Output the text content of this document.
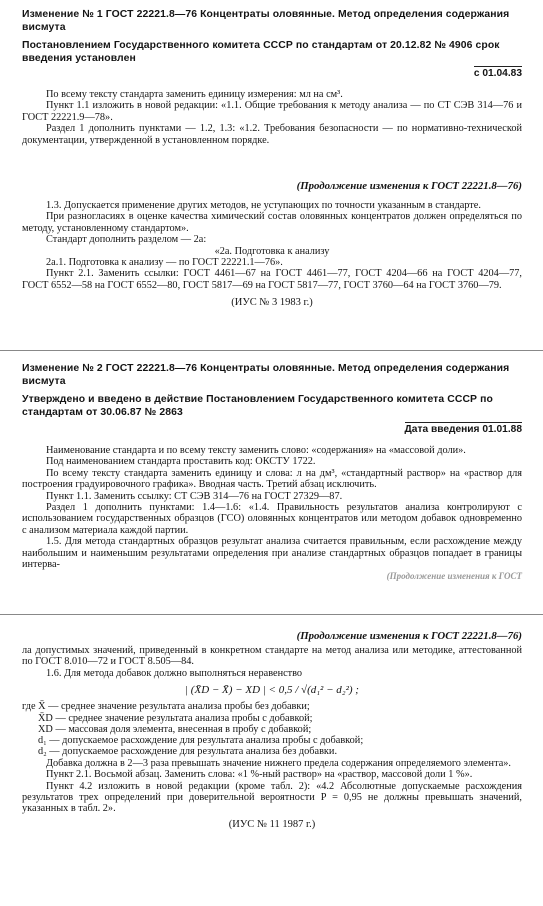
Изменение № 1 ГОСТ 22221.8—76 Концентраты оловянные. Метод определения содержания висмута

Постановлением Государственного комитета СССР по стандартам от 20.12.82 № 4906 срок введения установлен

с 01.04.83

По всему тексту стандарта заменить единицу измерения: мл на см³.

Пункт 1.1 изложить в новой редакции: «1.1. Общие требования к методу анализа — по СТ СЭВ 314—76 и ГОСТ 22221.9—78».

Раздел 1 дополнить пунктами — 1.2, 1.3: «1.2. Требования безопасности — по нормативно-технической документации, утвержденной в установленном порядке.

(Продолжение изменения к ГОСТ 22221.8—76)

1.3. Допускается применение других методов, не уступающих по точности указанным в стандарте.

При разногласиях в оценке качества химический состав оловянных концентратов должен определяться по методу, установленному стандартом».

Стандарт дополнить разделом — 2а:

«2а. Подготовка к анализу

2а.1. Подготовка к анализу — по ГОСТ 22221.1—76».

Пункт 2.1. Заменить ссылки: ГОСТ 4461—67 на ГОСТ 4461—77, ГОСТ 4204—66 на ГОСТ 4204—77, ГОСТ 6552—58 на ГОСТ 6552—80, ГОСТ 5817—69 на ГОСТ 5817—77, ГОСТ 3760—64 на ГОСТ 3760—79.

(ИУС № 3 1983 г.)

Изменение № 2 ГОСТ 22221.8—76 Концентраты оловянные. Метод определения содержания висмута

Утверждено и введено в действие Постановлением Государственного комитета СССР по стандартам от 30.06.87 № 2863

Дата введения 01.01.88

Наименование стандарта и по всему тексту заменить слово: «содержания» на «массовой доли».

Под наименованием стандарта проставить код: ОКСТУ 1722.

По всему тексту стандарта заменить единицу и слова: л на дм³, «стандартный раствор» на «раствор для построения градуировочного графика». Вводная часть. Третий абзац исключить.

Пункт 1.1. Заменить ссылку: СТ СЭВ 314—76 на ГОСТ 27329—87.

Раздел 1 дополнить пунктами: 1.4—1.6: «1.4. Правильность результатов анализа контролируют с использованием государственных образцов (ГСО) оловянных концентратов или методом добавок одновременно с анализом материала каждой партии.

1.5. Для метода стандартных образцов результат анализа считается правильным, если расхождение между наибольшим и наименьшим результатами определения при анализе стандартных образцов попадает в границы интерва-

(Продолжение изменения к ГОСТ

(Продолжение изменения к ГОСТ 22221.8—76)

ла допустимых значений, приведенный в конкретном стандарте на метод анализа или методике, аттестованной по ГОСТ 8.010—72 и ГОСТ 8.505—84.

1.6. Для метода добавок должно выполняться неравенство

| (X̄D − X̄) − XD | < 0,5 / √(d₁² − d₂²) ;

где X̄ — среднее значение результата анализа пробы без добавки;

X̄D — среднее значение результата анализа пробы с добавкой;

XD — массовая доля элемента, внесенная в пробу с добавкой;

d₁ — допускаемое расхождение для результата анализа пробы с добавкой;

d₂ — допускаемое расхождение для результата анализа без добавки.

Добавка должна в 2—3 раза превышать значение нижнего предела содержания определяемого элемента».

Пункт 2.1. Восьмой абзац. Заменить слова: «1 %-ный раствор» на «раствор, массовой доли 1 %».

Пункт 4.2 изложить в новой редакции (кроме табл. 2): «4.2 Абсолютные допускаемые расхождения результатов трех определений при доверительной вероятности P = 0,95 не должны превышать значений, указанных в табл. 2».

(ИУС № 11 1987 г.)
